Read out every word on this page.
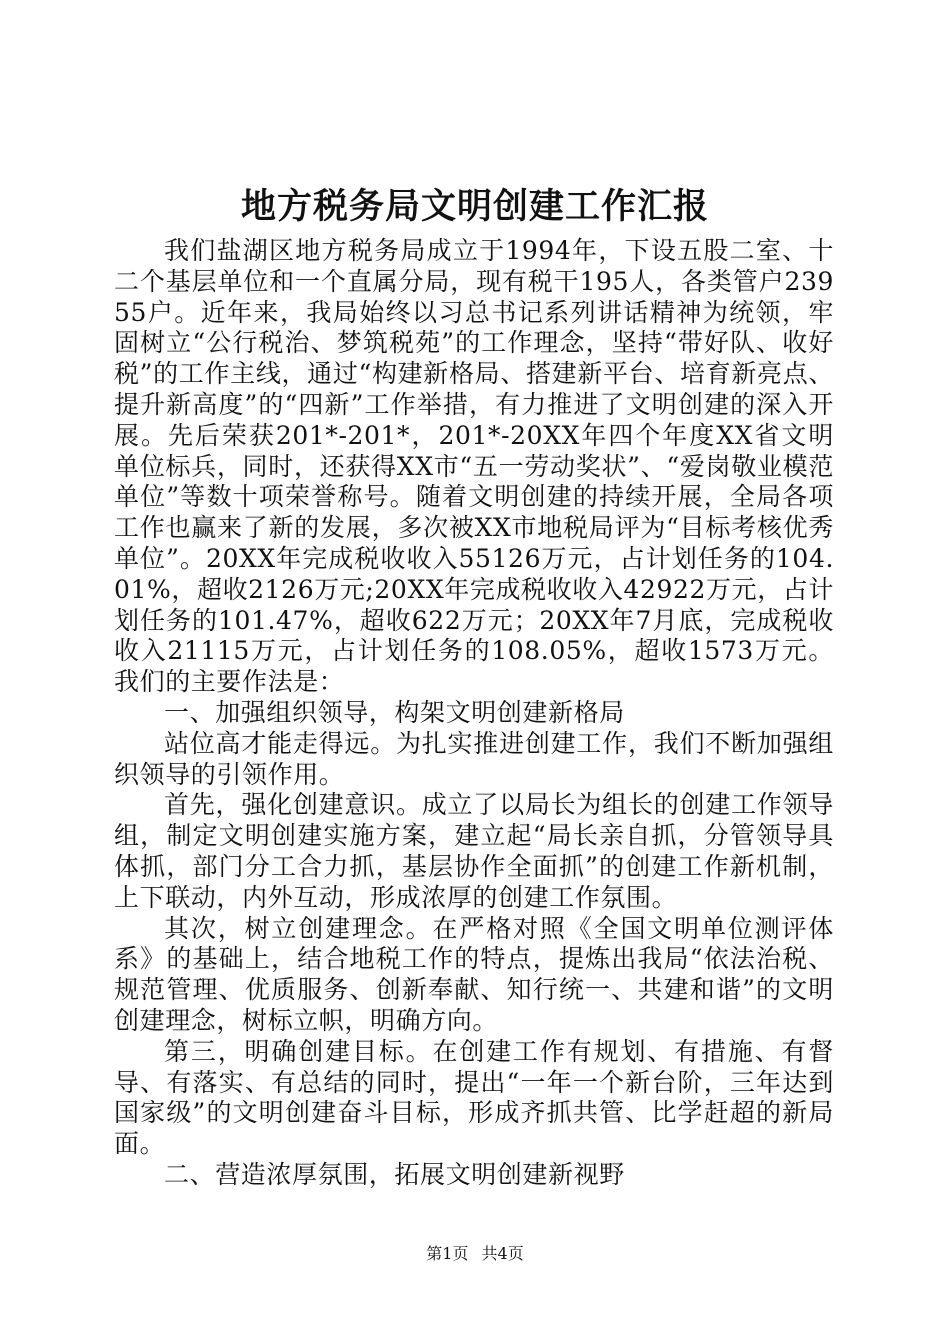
地方税务局文明创建工作汇报

我们盐湖区地方税务局成立于1994年，下设五股二室、十二个基层单位和一个直属分局，现有税干195人，各类管户23955户。近年来，我局始终以习总书记系列讲话精神为统领，牢固树立“公行税治、梦筑税苑”的工作理念，坚持“带好队、收好税”的工作主线，通过“构建新格局、搭建新平台、培育新亮点、提升新高度”的“四新”工作举措，有力推进了文明创建的深入开展。先后荣获201*-201*，201*-20XX年四个年度XX省文明单位标兵，同时，还获得XX市“五一劳动奖状”、“爱岗敬业模范单位”等数十项荣誉称号。随着文明创建的持续开展，全局各项工作也赢来了新的发展，多次被XX市地税局评为“目标考核优秀单位”。20XX年完成税收收入55126万元，占计划任务的104.01%，超收2126万元;20XX年完成税收收入42922万元，占计划任务的101.47%，超收622万元；20XX年7月底，完成税收收入21115万元，占计划任务的108.05%，超收1573万元。我们的主要作法是：

一、加强组织领导，构架文明创建新格局

站位高才能走得远。为扎实推进创建工作，我们不断加强组织领导的引领作用。

首先，强化创建意识。成立了以局长为组长的创建工作领导组，制定文明创建实施方案，建立起“局长亲自抓，分管领导具体抓，部门分工合力抓，基层协作全面抓”的创建工作新机制，上下联动，内外互动，形成浓厚的创建工作氛围。

其次，树立创建理念。在严格对照《全国文明单位测评体系》的基础上，结合地税工作的特点，提炼出我局“依法治税、规范管理、优质服务、创新奉献、知行统一、共建和谐”的文明创建理念，树标立帜，明确方向。

第三，明确创建目标。在创建工作有规划、有措施、有督导、有落实、有总结的同时，提出“一年一个新台阶，三年达到国家级”的文明创建奋斗目标，形成齐抓共管、比学赶超的新局面。

二、营造浓厚氛围，拓展文明创建新视野

第1页 共4页
